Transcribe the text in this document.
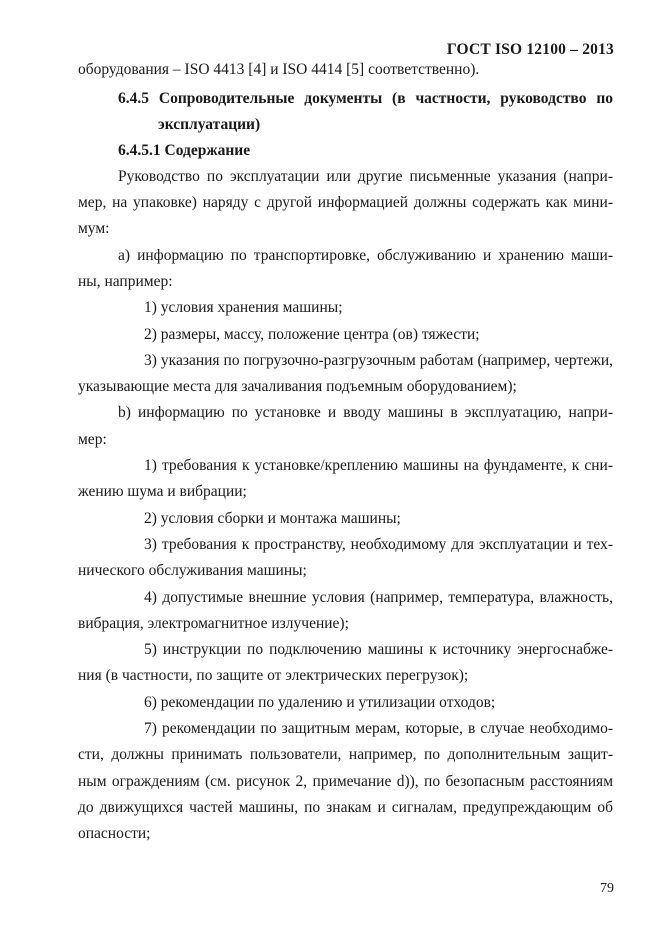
ГОСТ ISO 12100 – 2013
оборудования – ISO 4413 [4] и ISO 4414 [5] соответственно).
6.4.5 Сопроводительные документы (в частности, руководство по
эксплуатации)
6.4.5.1 Содержание
Руководство по эксплуатации или другие письменные указания (напри-
мер, на упаковке) наряду с другой информацией должны содержать как мини-
мум:
a) информацию по транспортировке, обслуживанию и хранению маши-
ны, например:
1) условия хранения машины;
2) размеры, массу, положение центра (ов) тяжести;
3) указания по погрузочно-разгрузочным работам (например, чертежи,
указывающие места для зачаливания подъемным оборудованием);
b) информацию по установке и вводу машины в эксплуатацию, напри-
мер:
1) требования к установке/креплению машины на фундаменте, к сни-
жению шума и вибрации;
2) условия сборки и монтажа машины;
3) требования к пространству, необходимому для эксплуатации и тех-
нического обслуживания машины;
4) допустимые внешние условия (например, температура, влажность,
вибрация, электромагнитное излучение);
5) инструкции по подключению машины к источнику энергоснабже-
ния (в частности, по защите от электрических перегрузок);
6) рекомендации по удалению и утилизации отходов;
7) рекомендации по защитным мерам, которые, в случае необходимо-
сти, должны принимать пользователи, например, по дополнительным защит-
ным ограждениям (см. рисунок 2, примечание d)), по безопасным расстояниям
до движущихся частей машины, по знакам и сигналам, предупреждающим об
опасности;
79
